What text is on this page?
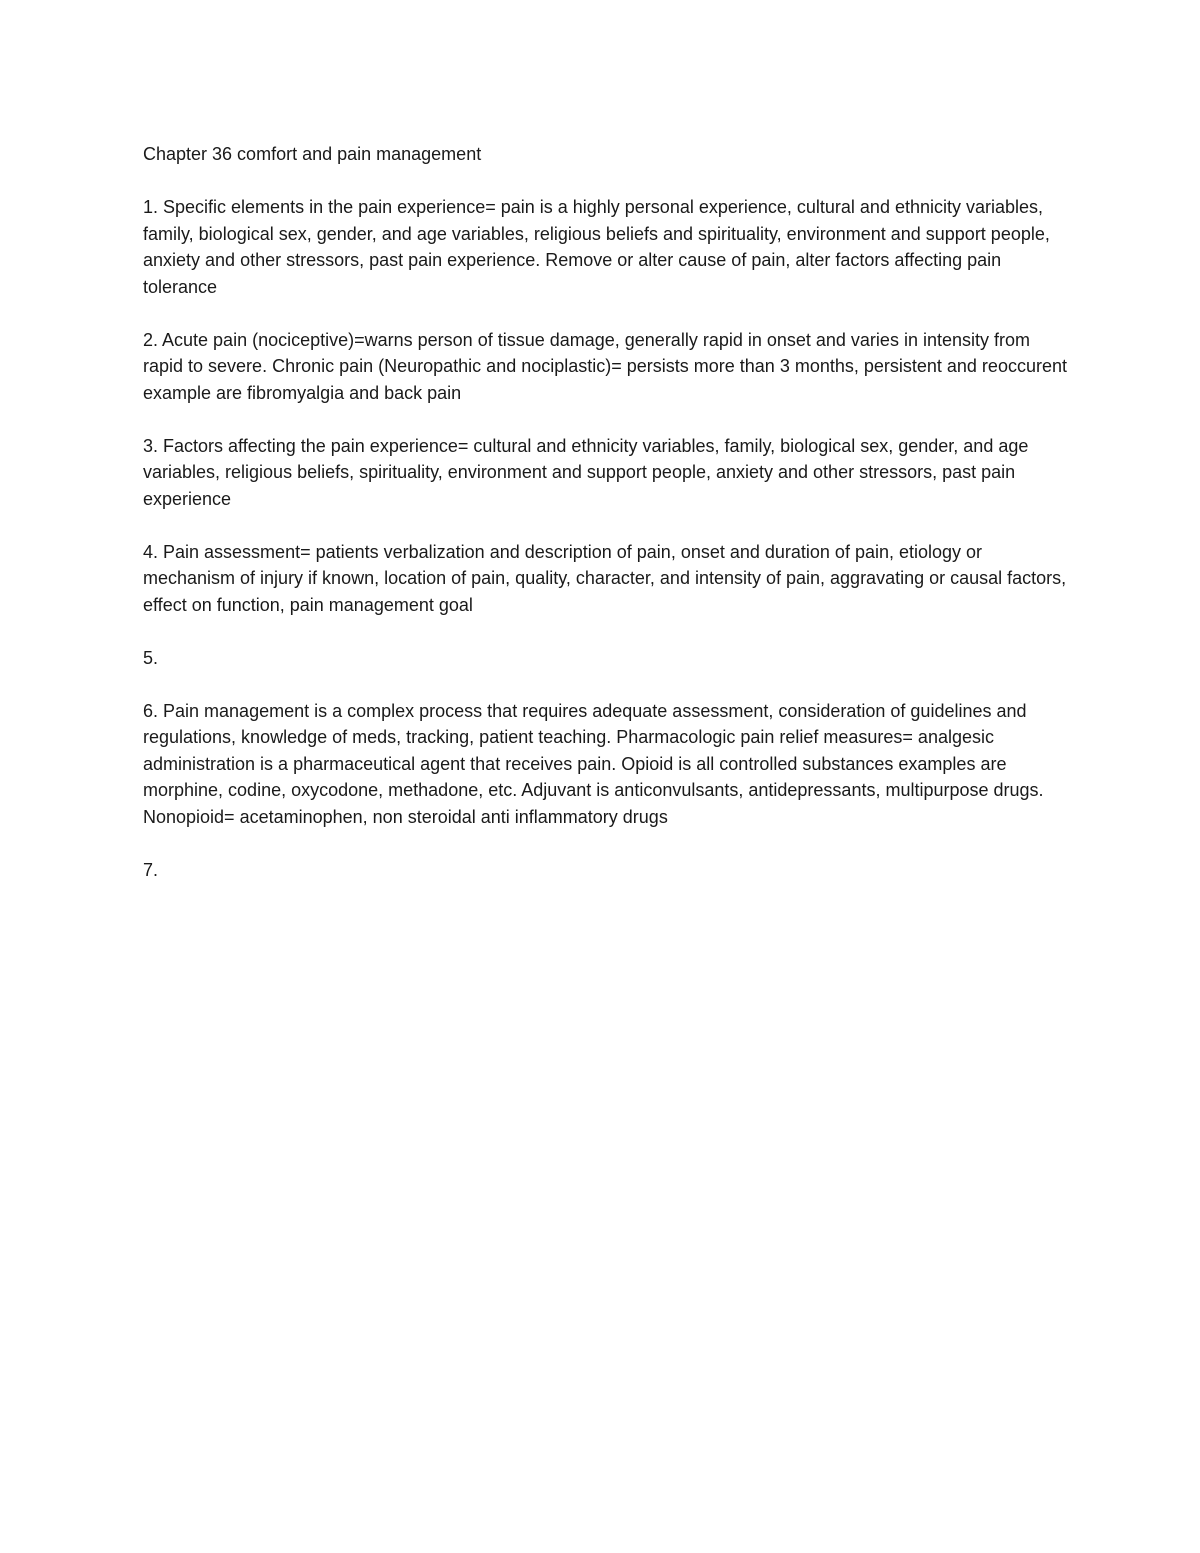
Chapter 36 comfort and pain management

1. Specific elements in the pain experience= pain is a highly personal experience, cultural and ethnicity variables, family, biological sex, gender, and age variables, religious beliefs and spirituality, environment and support people, anxiety and other stressors, past pain experience. Remove or alter cause of pain, alter factors affecting pain tolerance

2. Acute pain (nociceptive)=warns person of tissue damage, generally rapid in onset and varies in intensity from rapid to severe. Chronic pain (Neuropathic and nociplastic)= persists more than 3 months, persistent and reoccurent example are fibromyalgia and back pain

3. Factors affecting the pain experience= cultural and ethnicity variables, family, biological sex, gender, and age variables, religious beliefs, spirituality, environment and support people, anxiety and other stressors, past pain experience

4. Pain assessment= patients verbalization and description of pain, onset and duration of pain, etiology or mechanism of injury if known, location of pain, quality, character, and intensity of pain, aggravating or causal factors, effect on function, pain management goal

5.

6. Pain management is a complex process that requires adequate assessment, consideration of guidelines and regulations, knowledge of meds, tracking, patient teaching. Pharmacologic pain relief measures= analgesic administration is a pharmaceutical agent that receives pain. Opioid is all controlled substances examples are morphine, codine, oxycodone, methadone, etc. Adjuvant is anticonvulsants, antidepressants, multipurpose drugs. Nonopioid= acetaminophen, non steroidal anti inflammatory drugs

7.
